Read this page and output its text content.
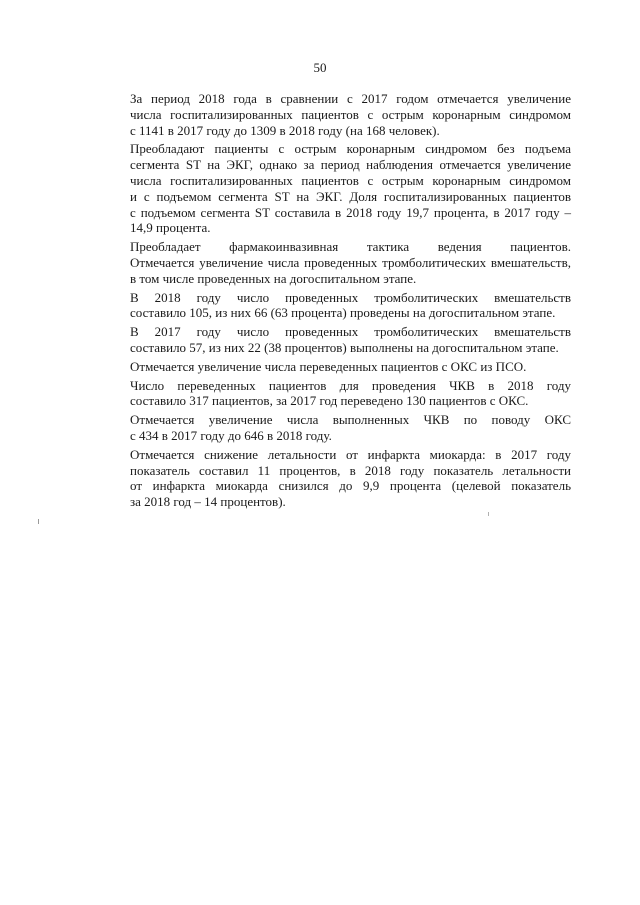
50
За период 2018 года в сравнении с 2017 годом отмечается увеличение
числа госпитализированных пациентов с острым коронарным синдромом
с 1141 в 2017 году до 1309 в 2018 году (на 168 человек).
Преобладают пациенты с острым коронарным синдромом без подъема
сегмента ST на ЭКГ, однако за период наблюдения отмечается увеличение
числа госпитализированных пациентов с острым коронарным синдромом
и с подъемом сегмента ST на ЭКГ. Доля госпитализированных пациентов
с подъемом сегмента ST составила в 2018 году 19,7 процента, в 2017 году –
14,9 процента.
Преобладает фармакоинвазивная тактика ведения пациентов.
Отмечается увеличение числа проведенных тромболитических вмешательств,
в том числе проведенных на догоспитальном этапе.
В 2018 году число проведенных тромболитических вмешательств
составило 105, из них 66 (63 процента) проведены на догоспитальном этапе.
В 2017 году число проведенных тромболитических вмешательств
составило 57, из них 22 (38 процентов) выполнены на догоспитальном этапе.
Отмечается увеличение числа переведенных пациентов с ОКС из ПСО.
Число переведенных пациентов для проведения ЧКВ в 2018 году
составило 317 пациентов, за 2017 год переведено 130 пациентов с ОКС.
Отмечается увеличение числа выполненных ЧКВ по поводу ОКС
с 434 в 2017 году до 646 в 2018 году.
Отмечается снижение летальности от инфаркта миокарда: в 2017 году
показатель составил 11 процентов, в 2018 году показатель летальности
от инфаркта миокарда снизился до 9,9 процента (целевой показатель
за 2018 год – 14 процентов).
